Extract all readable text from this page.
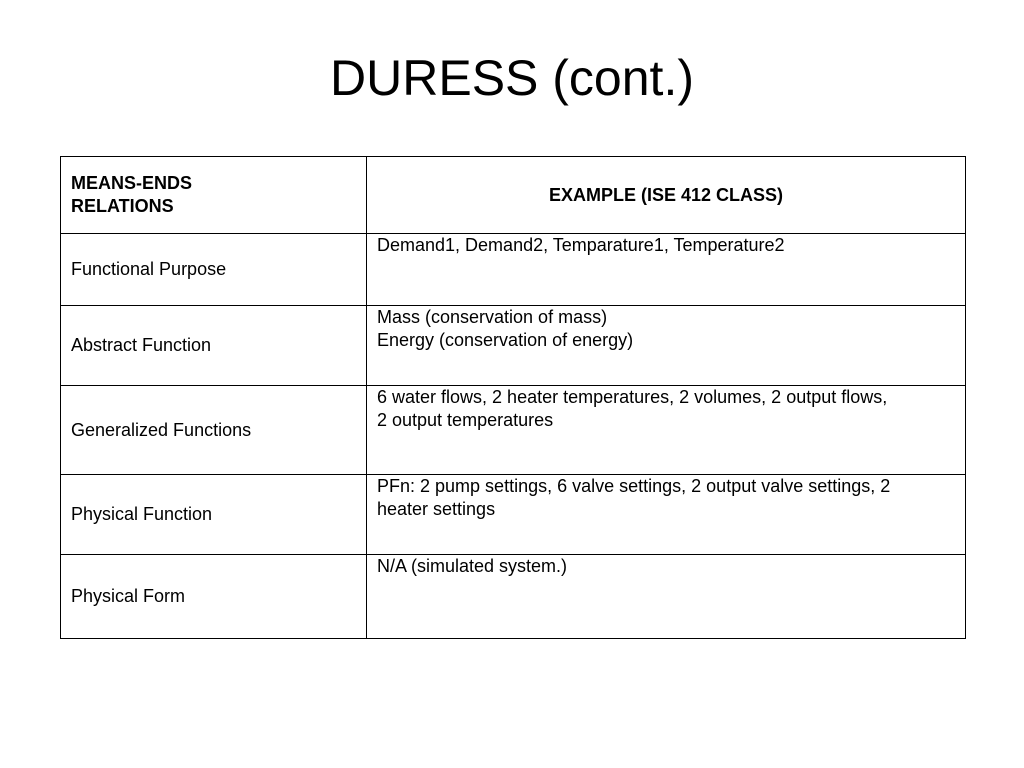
DURESS (cont.)
MEANS-ENDS
RELATIONS	EXAMPLE (ISE 412 CLASS)
Functional Purpose	Demand1, Demand2, Temparature1, Temperature2

Abstract Function	Mass (conservation of mass)
Energy (conservation of energy)

Generalized Functions	6 water flows, 2 heater temperatures, 2 volumes, 2 output flows,
2 output temperatures

Physical Function	PFn: 2 pump settings, 6 valve settings, 2 output valve settings, 2
heater settings

Physical Form	N/A (simulated system.)
